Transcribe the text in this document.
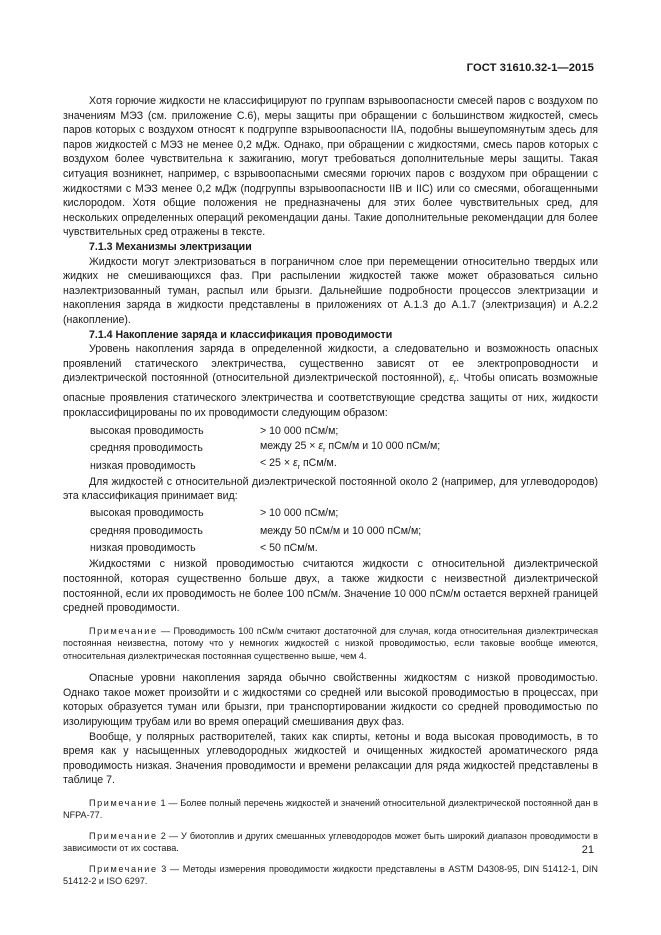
ГОСТ 31610.32-1—2015

Хотя горючие жидкости не классифицируют по группам взрывоопасности смесей паров с воздухом по значениям МЭЗ (см. приложение С.6), меры защиты при обращении с большинством жидкостей, смесь паров которых с воздухом относят к подгруппе взрывоопасности IIA, подобны вышеупомянутым здесь для паров жидкостей с МЭЗ не менее 0,2 мДж. Однако, при обращении с жидкостями, смесь паров которых с воздухом более чувствительна к зажиганию, могут требоваться дополнительные меры защиты. Такая ситуация возникнет, например, с взрывоопасными смесями горючих паров с воздухом при обращении с жидкостями с МЭЗ менее 0,2 мДж (подгруппы взрывоопасности IIB и IIC) или со смесями, обогащенными кислородом. Хотя общие положения не предназначены для этих более чувствительных сред, для нескольких определенных операций рекомендации даны. Такие дополнительные рекомендации для более чувствительных сред отражены в тексте.

7.1.3 Механизмы электризации

Жидкости могут электризоваться в пограничном слое при перемещении относительно твердых или жидких не смешивающихся фаз. При распылении жидкостей также может образоваться сильно наэлектризованный туман, распыл или брызги. Дальнейшие подробности процессов электризации и накопления заряда в жидкости представлены в приложениях от А.1.3 до А.1.7 (электризация) и А.2.2 (накопление).

7.1.4 Накопление заряда и классификация проводимости

Уровень накопления заряда в определенной жидкости, а следовательно и возможность опасных проявлений статического электричества, существенно зависят от ее электропроводности и диэлектрической постоянной (относительной диэлектрической постоянной), $\varepsilon_r$. Чтобы описать возможные опасные проявления статического электричества и соответствующие средства защиты от них, жидкости проклассифицированы по их проводимости следующим образом:

высокая проводимость	> 10 000 пСм/м;
средняя проводимость	между $25 \times \varepsilon_r$ пСм/м и 10 000 пСм/м;
низкая проводимость	< $25 \times \varepsilon_r$ пСм/м.

Для жидкостей с относительной диэлектрической постоянной около 2 (например, для углеводородов) эта классификация принимает вид:

высокая проводимость	> 10 000 пСм/м;
средняя проводимость	между 50 пСм/м и 10 000 пСм/м;
низкая проводимость	< 50 пСм/м.

Жидкостями с низкой проводимостью считаются жидкости с относительной диэлектрической постоянной, которая существенно больше двух, а также жидкости с неизвестной диэлектрической постоянной, если их проводимость не более 100 пСм/м. Значение 10 000 пСм/м остается верхней границей средней проводимости.

Примечание — Проводимость 100 пСм/м считают достаточной для случая, когда относительная диэлектрическая постоянная неизвестна, потому что у немногих жидкостей с низкой проводимостью, если таковые вообще имеются, относительная диэлектрическая постоянная существенно выше, чем 4.

Опасные уровни накопления заряда обычно свойственны жидкостям с низкой проводимостью. Однако такое может произойти и с жидкостями со средней или высокой проводимостью в процессах, при которых образуется туман или брызги, при транспортировании жидкости со средней проводимостью по изолирующим трубам или во время операций смешивания двух фаз.

Вообще, у полярных растворителей, таких как спирты, кетоны и вода высокая проводимость, в то время как у насыщенных углеводородных жидкостей и очищенных жидкостей ароматического ряда проводимость низкая. Значения проводимости и времени релаксации для ряда жидкостей представлены в таблице 7.

Примечание 1 — Более полный перечень жидкостей и значений относительной диэлектрической постоянной дан в NFPA-77.

Примечание 2 — У биотоплив и других смешанных углеводородов может быть широкий диапазон проводимости в зависимости от их состава.

Примечание 3 — Методы измерения проводимости жидкости представлены в ASTM D4308-95, DIN 51412-1, DIN 51412-2 и ISO 6297.

21
